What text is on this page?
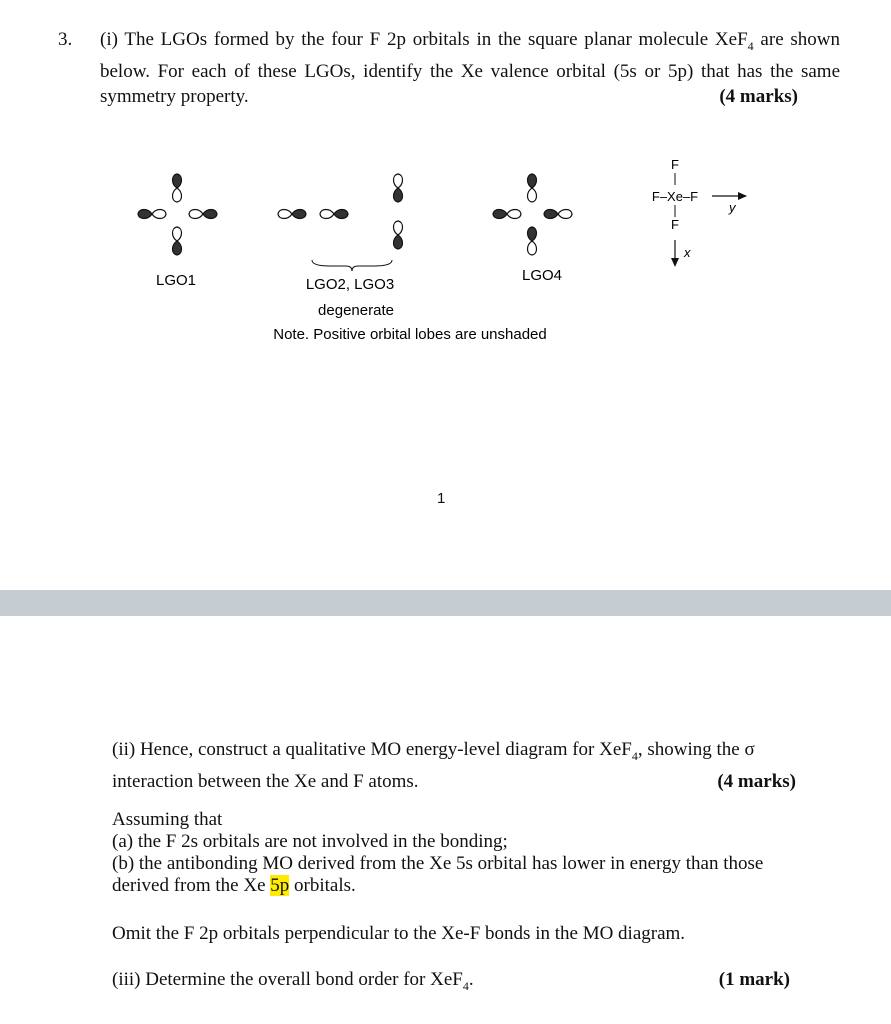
3. (i) The LGOs formed by the four F 2p orbitals in the square planar molecule XeF$_4$ are shown
below. For each of these LGOs, identify the Xe valence orbital (5s or 5p) that has the same
symmetry property.	(4 marks)
LGO1	LGO2, LGO3
degenerate
Note. Positive orbital lobes are unshaded
LGO4
F
F–Xe–F
F
y
x
1
(ii) Hence, construct a qualitative MO energy-level diagram for XeF$_4$, showing the σ
interaction between the Xe and F atoms.	(4 marks)
Assuming that
(a) the F 2s orbitals are not involved in the bonding;
(b) the antibonding MO derived from the Xe 5s orbital has lower in energy than those
derived from the Xe 5p orbitals.
Omit the F 2p orbitals perpendicular to the Xe-F bonds in the MO diagram.
(iii) Determine the overall bond order for XeF$_4$.	(1 mark)
